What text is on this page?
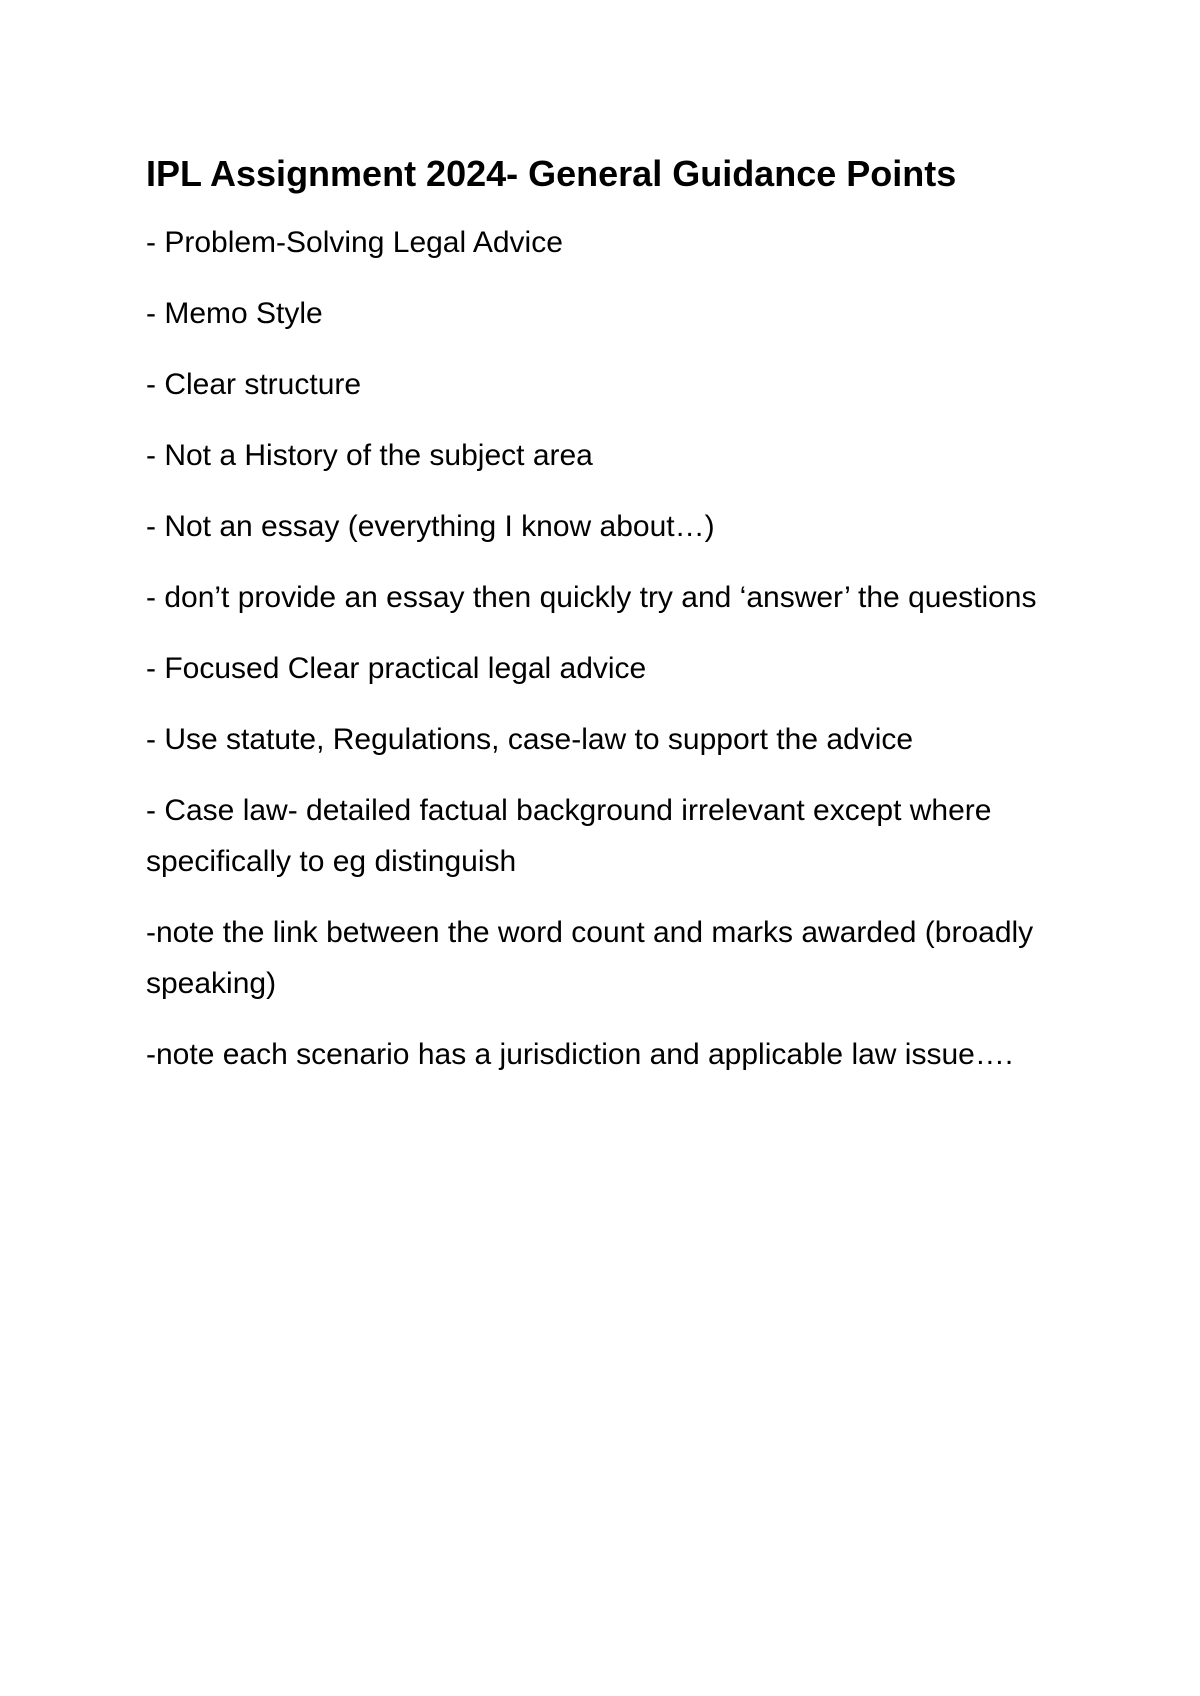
IPL Assignment 2024- General Guidance Points
- Problem-Solving Legal Advice
- Memo Style
- Clear structure
- Not a History of the subject area
- Not an essay (everything I know about…)
- don’t provide an essay then quickly try and ‘answer’ the questions
- Focused Clear practical legal advice
- Use statute, Regulations, case-law to support the advice
- Case law- detailed factual background irrelevant except where specifically to eg distinguish
-note the link between the word count and marks awarded (broadly speaking)
-note each scenario has a jurisdiction and applicable law issue….
